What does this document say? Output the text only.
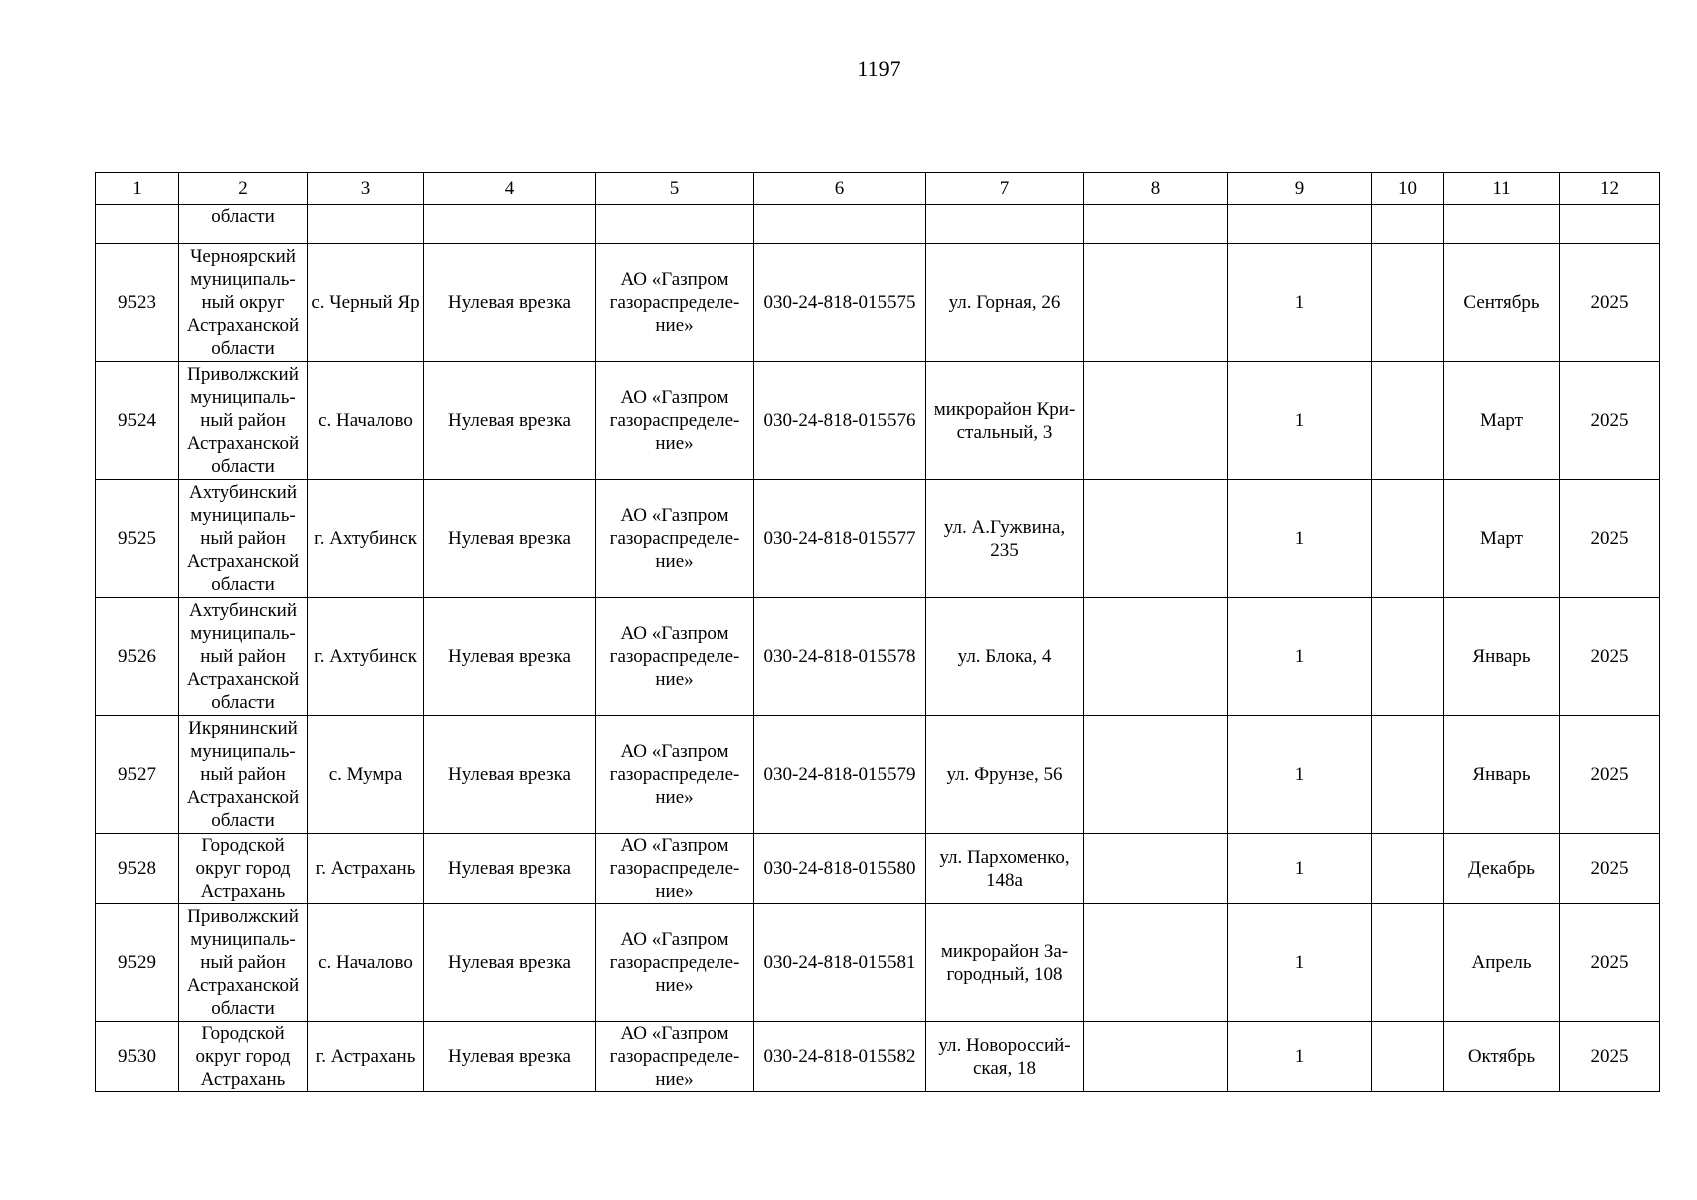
1197
1	2	3	4	5	6	7	8	9	10	11	12
	области										
9523	Черноярский
муниципаль-
ный округ
Астраханской
области	с. Черный Яр	Нулевая врезка	АО «Газпром
газораспределе-
ние»	030-24-818-015575	ул. Горная, 26		1		Сентябрь	2025
9524	Приволжский
муниципаль-
ный район
Астраханской
области	с. Началово	Нулевая врезка	АО «Газпром
газораспределе-
ние»	030-24-818-015576	микрорайон Кри-
стальный, 3		1		Март	2025
9525	Ахтубинский
муниципаль-
ный район
Астраханской
области	г. Ахтубинск	Нулевая врезка	АО «Газпром
газораспределе-
ние»	030-24-818-015577	ул. А.Гужвина,
235		1		Март	2025
9526	Ахтубинский
муниципаль-
ный район
Астраханской
области	г. Ахтубинск	Нулевая врезка	АО «Газпром
газораспределе-
ние»	030-24-818-015578	ул. Блока, 4		1		Январь	2025
9527	Икрянинский
муниципаль-
ный район
Астраханской
области	с. Мумра	Нулевая врезка	АО «Газпром
газораспределе-
ние»	030-24-818-015579	ул. Фрунзе, 56		1		Январь	2025
9528	Городской
округ город
Астрахань	г. Астрахань	Нулевая врезка	АО «Газпром
газораспределе-
ние»	030-24-818-015580	ул. Пархоменко,
148а		1		Декабрь	2025
9529	Приволжский
муниципаль-
ный район
Астраханской
области	с. Началово	Нулевая врезка	АО «Газпром
газораспределе-
ние»	030-24-818-015581	микрорайон За-
городный, 108		1		Апрель	2025
9530	Городской
округ город
Астрахань	г. Астрахань	Нулевая врезка	АО «Газпром
газораспределе-
ние»	030-24-818-015582	ул. Новороссий-
ская, 18		1		Октябрь	2025
